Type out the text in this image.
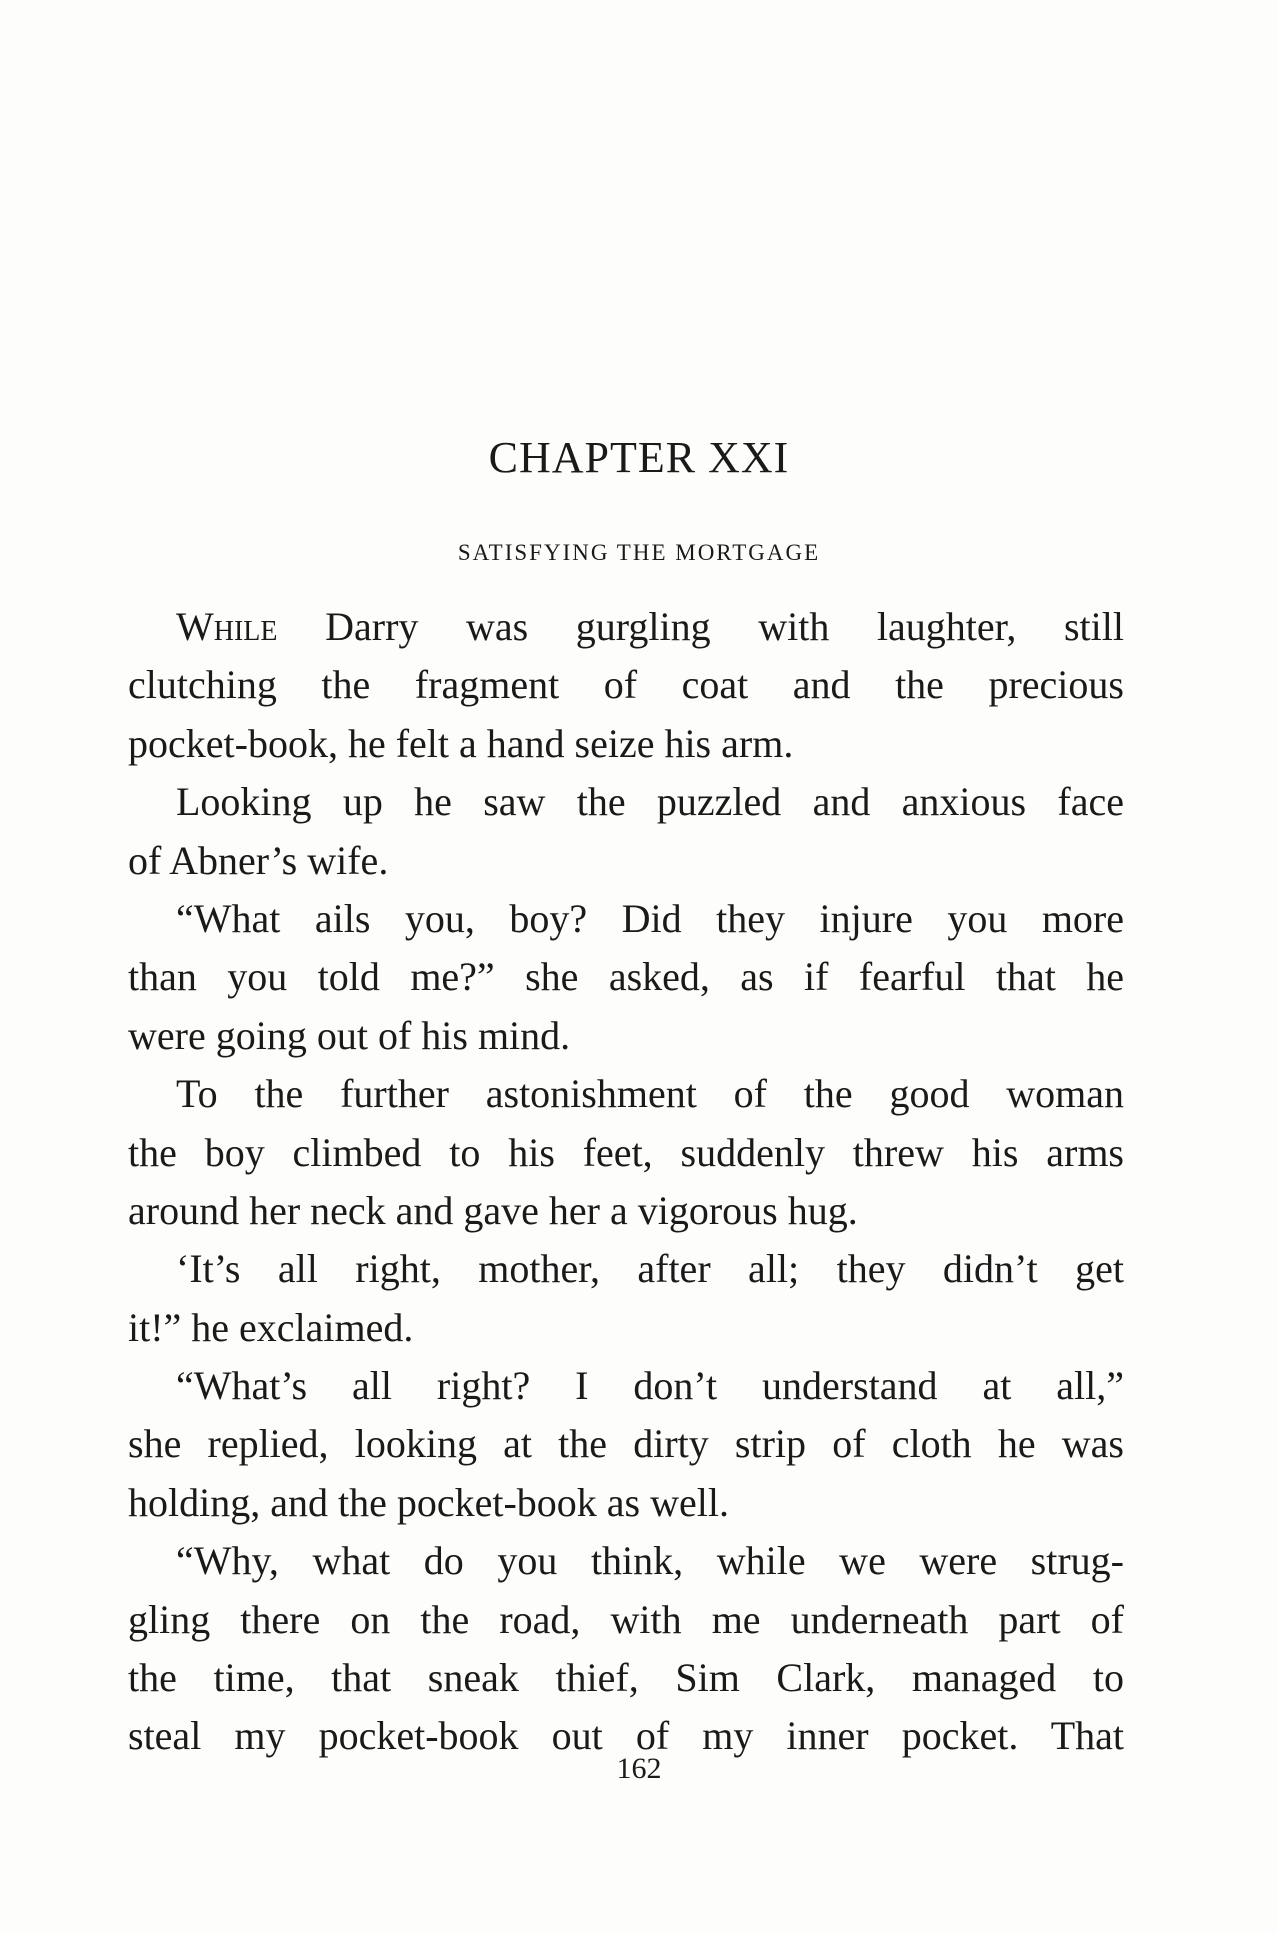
CHAPTER XXI
SATISFYING THE MORTGAGE

While Darry was gurgling with laughter, still
clutching the fragment of coat and the precious
pocket-book, he felt a hand seize his arm.

Looking up he saw the puzzled and anxious face
of Abner’s wife.

“What ails you, boy? Did they injure you more
than you told me?” she asked, as if fearful that he
were going out of his mind.

To the further astonishment of the good woman
the boy climbed to his feet, suddenly threw his arms
around her neck and gave her a vigorous hug.

‘It’s all right, mother, after all; they didn’t get
it!” he exclaimed.

“What’s all right? I don’t understand at all,”
she replied, looking at the dirty strip of cloth he was
holding, and the pocket-book as well.

“Why, what do you think, while we were strug-
gling there on the road, with me underneath part of
the time, that sneak thief, Sim Clark, managed to
steal my pocket-book out of my inner pocket. That

162
